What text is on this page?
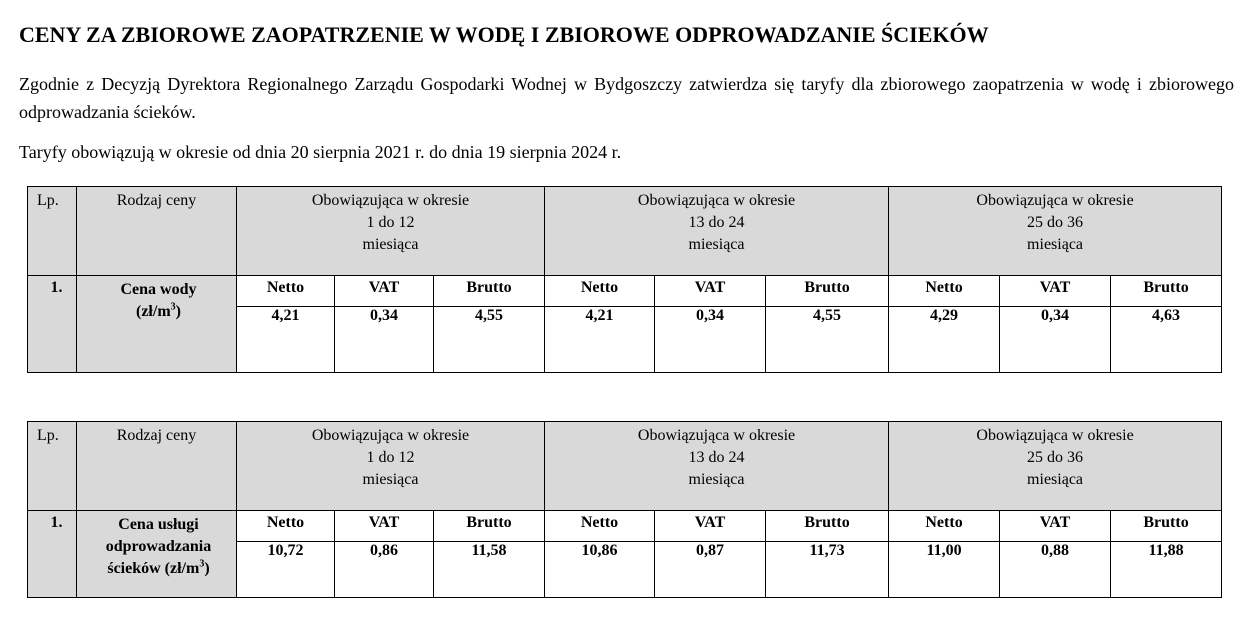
CENY ZA ZBIOROWE ZAOPATRZENIE W WODĘ I ZBIOROWE ODPROWADZANIE ŚCIEKÓW

Zgodnie z Decyzją Dyrektora Regionalnego Zarządu Gospodarki Wodnej w Bydgoszczy zatwierdza się taryfy dla zbiorowego zaopatrzenia w wodę i zbiorowego odprowadzania ścieków.

Taryfy obowiązują w okresie od dnia 20 sierpnia 2021 r. do dnia 19 sierpnia 2024 r.

Lp.	Rodzaj ceny	Obowiązująca w okresie
1 do 12
miesiąca			Obowiązująca w okresie
13 do 24
miesiąca			Obowiązująca w okresie
25 do 36
miesiąca		

1.	Cena wody
$(zł/m^3)$	Netto	VAT	Brutto	Netto	VAT	Brutto	Netto	VAT	Brutto

		4,21	0,34	4,55	4,21	0,34	4,55	4,29	0,34	4,63
Lp.	Rodzaj ceny	Obowiązująca w okresie
1 do 12
miesiąca			Obowiązująca w okresie
13 do 24
miesiąca			Obowiązująca w okresie
25 do 36
miesiąca		

1.	Cena usługi
odprowadzania
ścieków $(zł/m^3)$	Netto	VAT	Brutto	Netto	VAT	Brutto	Netto	VAT	Brutto

		10,72	0,86	11,58	10,86	0,87	11,73	11,00	0,88	11,88
